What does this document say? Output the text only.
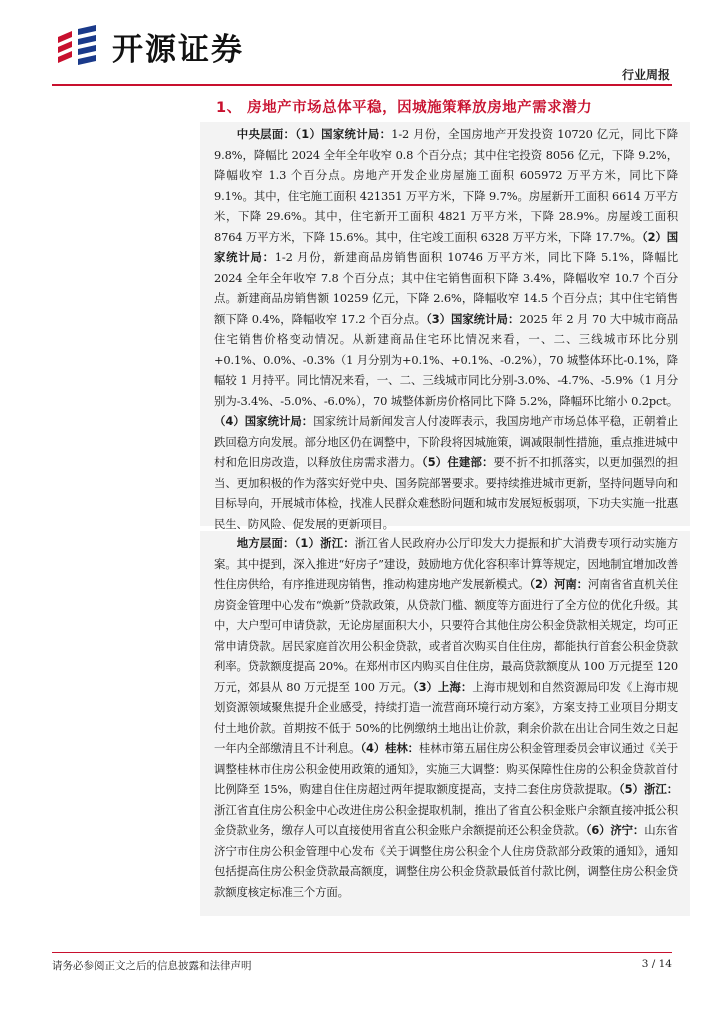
开源证券
行业周报
1、 房地产市场总体平稳，因城施策释放房地产需求潜力

中央层面：（1）国家统计局：1-2 月份，全国房地产开发投资 10720 亿元，同比下降 9.8%，降幅比 2024 全年全年收窄 0.8 个百分点；其中住宅投资 8056 亿元，下降 9.2%，降幅收窄 1.3 个百分点。房地产开发企业房屋施工面积 605972 万平方米，同比下降 9.1%。其中，住宅施工面积 421351 万平方米，下降 9.7%。房屋新开工面积 6614 万平方米，下降 29.6%。其中，住宅新开工面积 4821 万平方米，下降 28.9%。房屋竣工面积 8764 万平方米，下降 15.6%。其中，住宅竣工面积 6328 万平方米，下降 17.7%。（2）国家统计局：1-2 月份，新建商品房销售面积 10746 万平方米，同比下降 5.1%，降幅比 2024 全年全年收窄 7.8 个百分点；其中住宅销售面积下降 3.4%，降幅收窄 10.7 个百分点。新建商品房销售额 10259 亿元，下降 2.6%，降幅收窄 14.5 个百分点；其中住宅销售额下降 0.4%，降幅收窄 17.2 个百分点。（3）国家统计局：2025 年 2 月 70 大中城市商品住宅销售价格变动情况。从新建商品住宅环比情况来看，一、二、三线城市环比分别+0.1%、0.0%、-0.3%（1 月分别为+0.1%、+0.1%、-0.2%），70 城整体环比-0.1%，降幅较 1 月持平。同比情况来看，一、二、三线城市同比分别-3.0%、-4.7%、-5.9%（1 月分别为-3.4%、-5.0%、-6.0%），70 城整体新房价格同比下降 5.2%，降幅环比缩小 0.2pct。（4）国家统计局：国家统计局新闻发言人付凌晖表示，我国房地产市场总体平稳，正朝着止跌回稳方向发展。部分地区仍在调整中，下阶段将因城施策，调减限制性措施，重点推进城中村和危旧房改造，以释放住房需求潜力。（5）住建部：要不折不扣抓落实，以更加强烈的担当、更加积极的作为落实好党中央、国务院部署要求。要持续推进城市更新，坚持问题导向和目标导向，开展城市体检，找准人民群众难愁盼问题和城市发展短板弱项，下功夫实施一批惠民生、防风险、促发展的更新项目。

地方层面：（1）浙江：浙江省人民政府办公厅印发大力提振和扩大消费专项行动实施方案。其中提到，深入推进“好房子”建设，鼓励地方优化容积率计算等规定，因地制宜增加改善性住房供给，有序推进现房销售，推动构建房地产发展新模式。（2）河南：河南省省直机关住房资金管理中心发布“焕新”贷款政策，从贷款门槛、额度等方面进行了全方位的优化升级。其中，大户型可申请贷款，无论房屋面积大小，只要符合其他住房公积金贷款相关规定，均可正常申请贷款。居民家庭首次用公积金贷款，或者首次购买自住住房，都能执行首套公积金贷款利率。贷款额度提高 20%。在郑州市区内购买自住住房，最高贷款额度从 100 万元提至 120 万元，郊县从 80 万元提至 100 万元。（3）上海：上海市规划和自然资源局印发《上海市规划资源领域聚焦提升企业感受，持续打造一流营商环境行动方案》，方案支持工业项目分期支付土地价款。首期按不低于 50%的比例缴纳土地出让价款，剩余价款在出让合同生效之日起一年内全部缴清且不计利息。（4）桂林：桂林市第五届住房公积金管理委员会审议通过《关于调整桂林市住房公积金使用政策的通知》，实施三大调整：购买保障性住房的公积金贷款首付比例降至 15%，购建自住住房超过两年提取额度提高，支持二套住房贷款提取。（5）浙江：浙江省直住房公积金中心改进住房公积金提取机制，推出了省直公积金账户余额直接冲抵公积金贷款业务，缴存人可以直接使用省直公积金账户余额提前还公积金贷款。（6）济宁：山东省济宁市住房公积金管理中心发布《关于调整住房公积金个人住房贷款部分政策的通知》，通知包括提高住房公积金贷款最高额度，调整住房公积金贷款最低首付款比例，调整住房公积金贷款额度核定标准三个方面。

请务必参阅正文之后的信息披露和法律声明	3 / 14
